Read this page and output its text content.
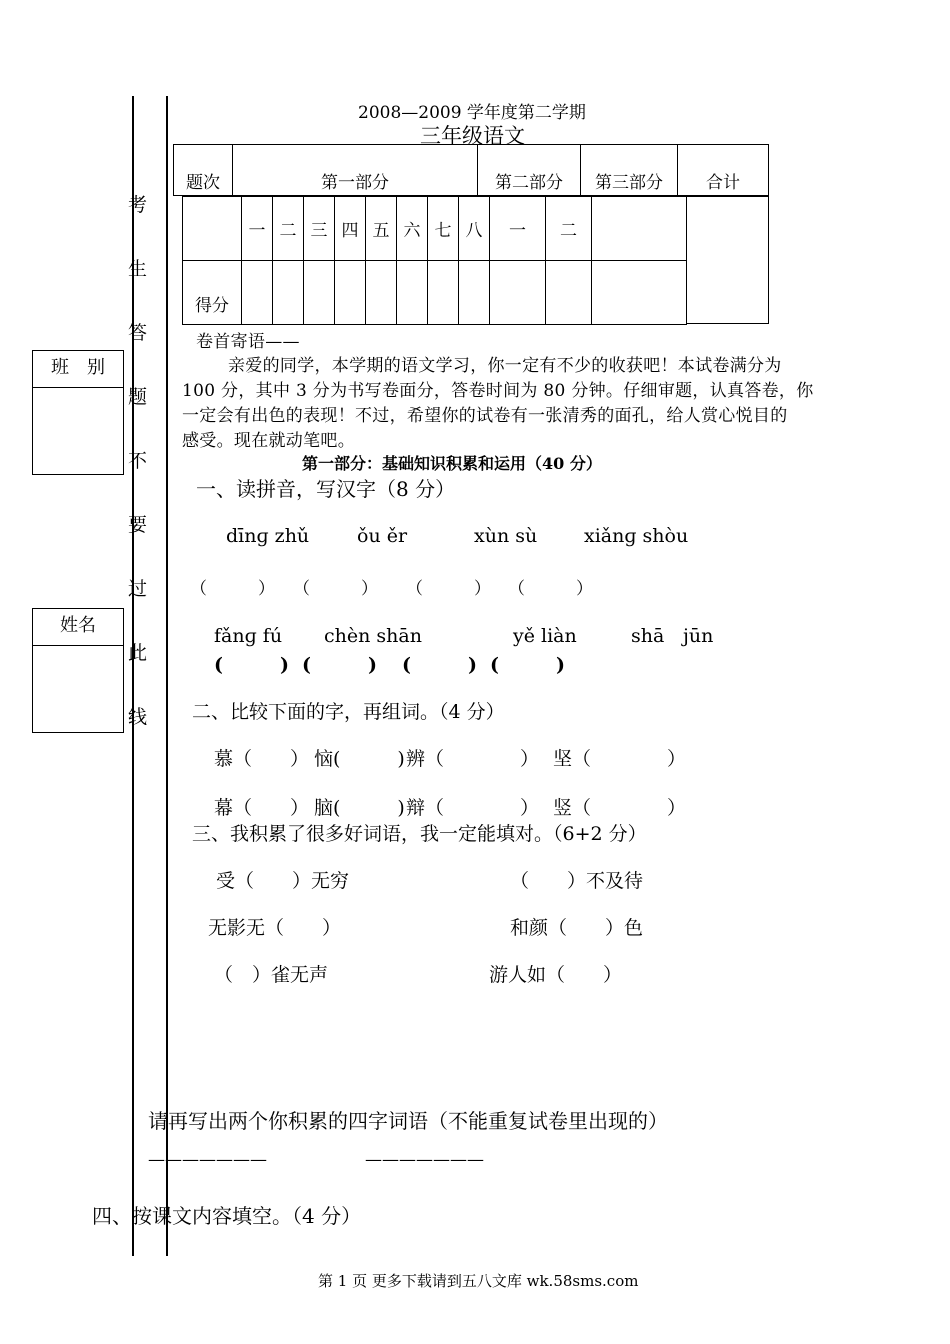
考
生
答
题
不
要
过
此
线
班　别
姓名
2008—2009 学年度第二学期
三年级语文
题次	第一部分	第二部分	第三部分	合计
	一	二	三	四	五	六	七	八	一	二	
得分											
卷首寄语——
亲爱的同学，本学期的语文学习，你一定有不少的收获吧！本试卷满分为
100 分，其中 3 分为书写卷面分，答卷时间为 80 分钟。仔细审题，认真答卷，你
一定会有出色的表现！不过，希望你的试卷有一张清秀的面孔，给人赏心悦目的
感受。现在就动笔吧。
第一部分：基础知识积累和运用（40 分）
一、读拼音，写汉字（8 分）
dīnɡ zhǔ	ǒu ěr	xùn sù xiǎnɡ shòu
（　　　） （　　　） （　　　） （　　　）
fǎnɡ fú chèn shān	yě liàn	shā jūn
(　　　) (　　　) (　　　) (　　　)
二、比较下面的字，再组词。（4 分）
慕（　　） 恼(　　　) 辨（　　　　） 坚（　　　　）
幕（　　） 脑(　　　) 辩（　　　　） 竖（　　　　）
三、我积累了很多好词语，我一定能填对。（6+2 分）
受（　　）无穷	（　　）不及待
无影无（　　）	和颜（　　）色
（　）雀无声	游人如（　　）
请再写出两个你积累的四字词语（不能重复试卷里出现的）
———————	———————
四、按课文内容填空。（4 分）
第 1 页 更多下载请到五八文库 wk.58sms.com
